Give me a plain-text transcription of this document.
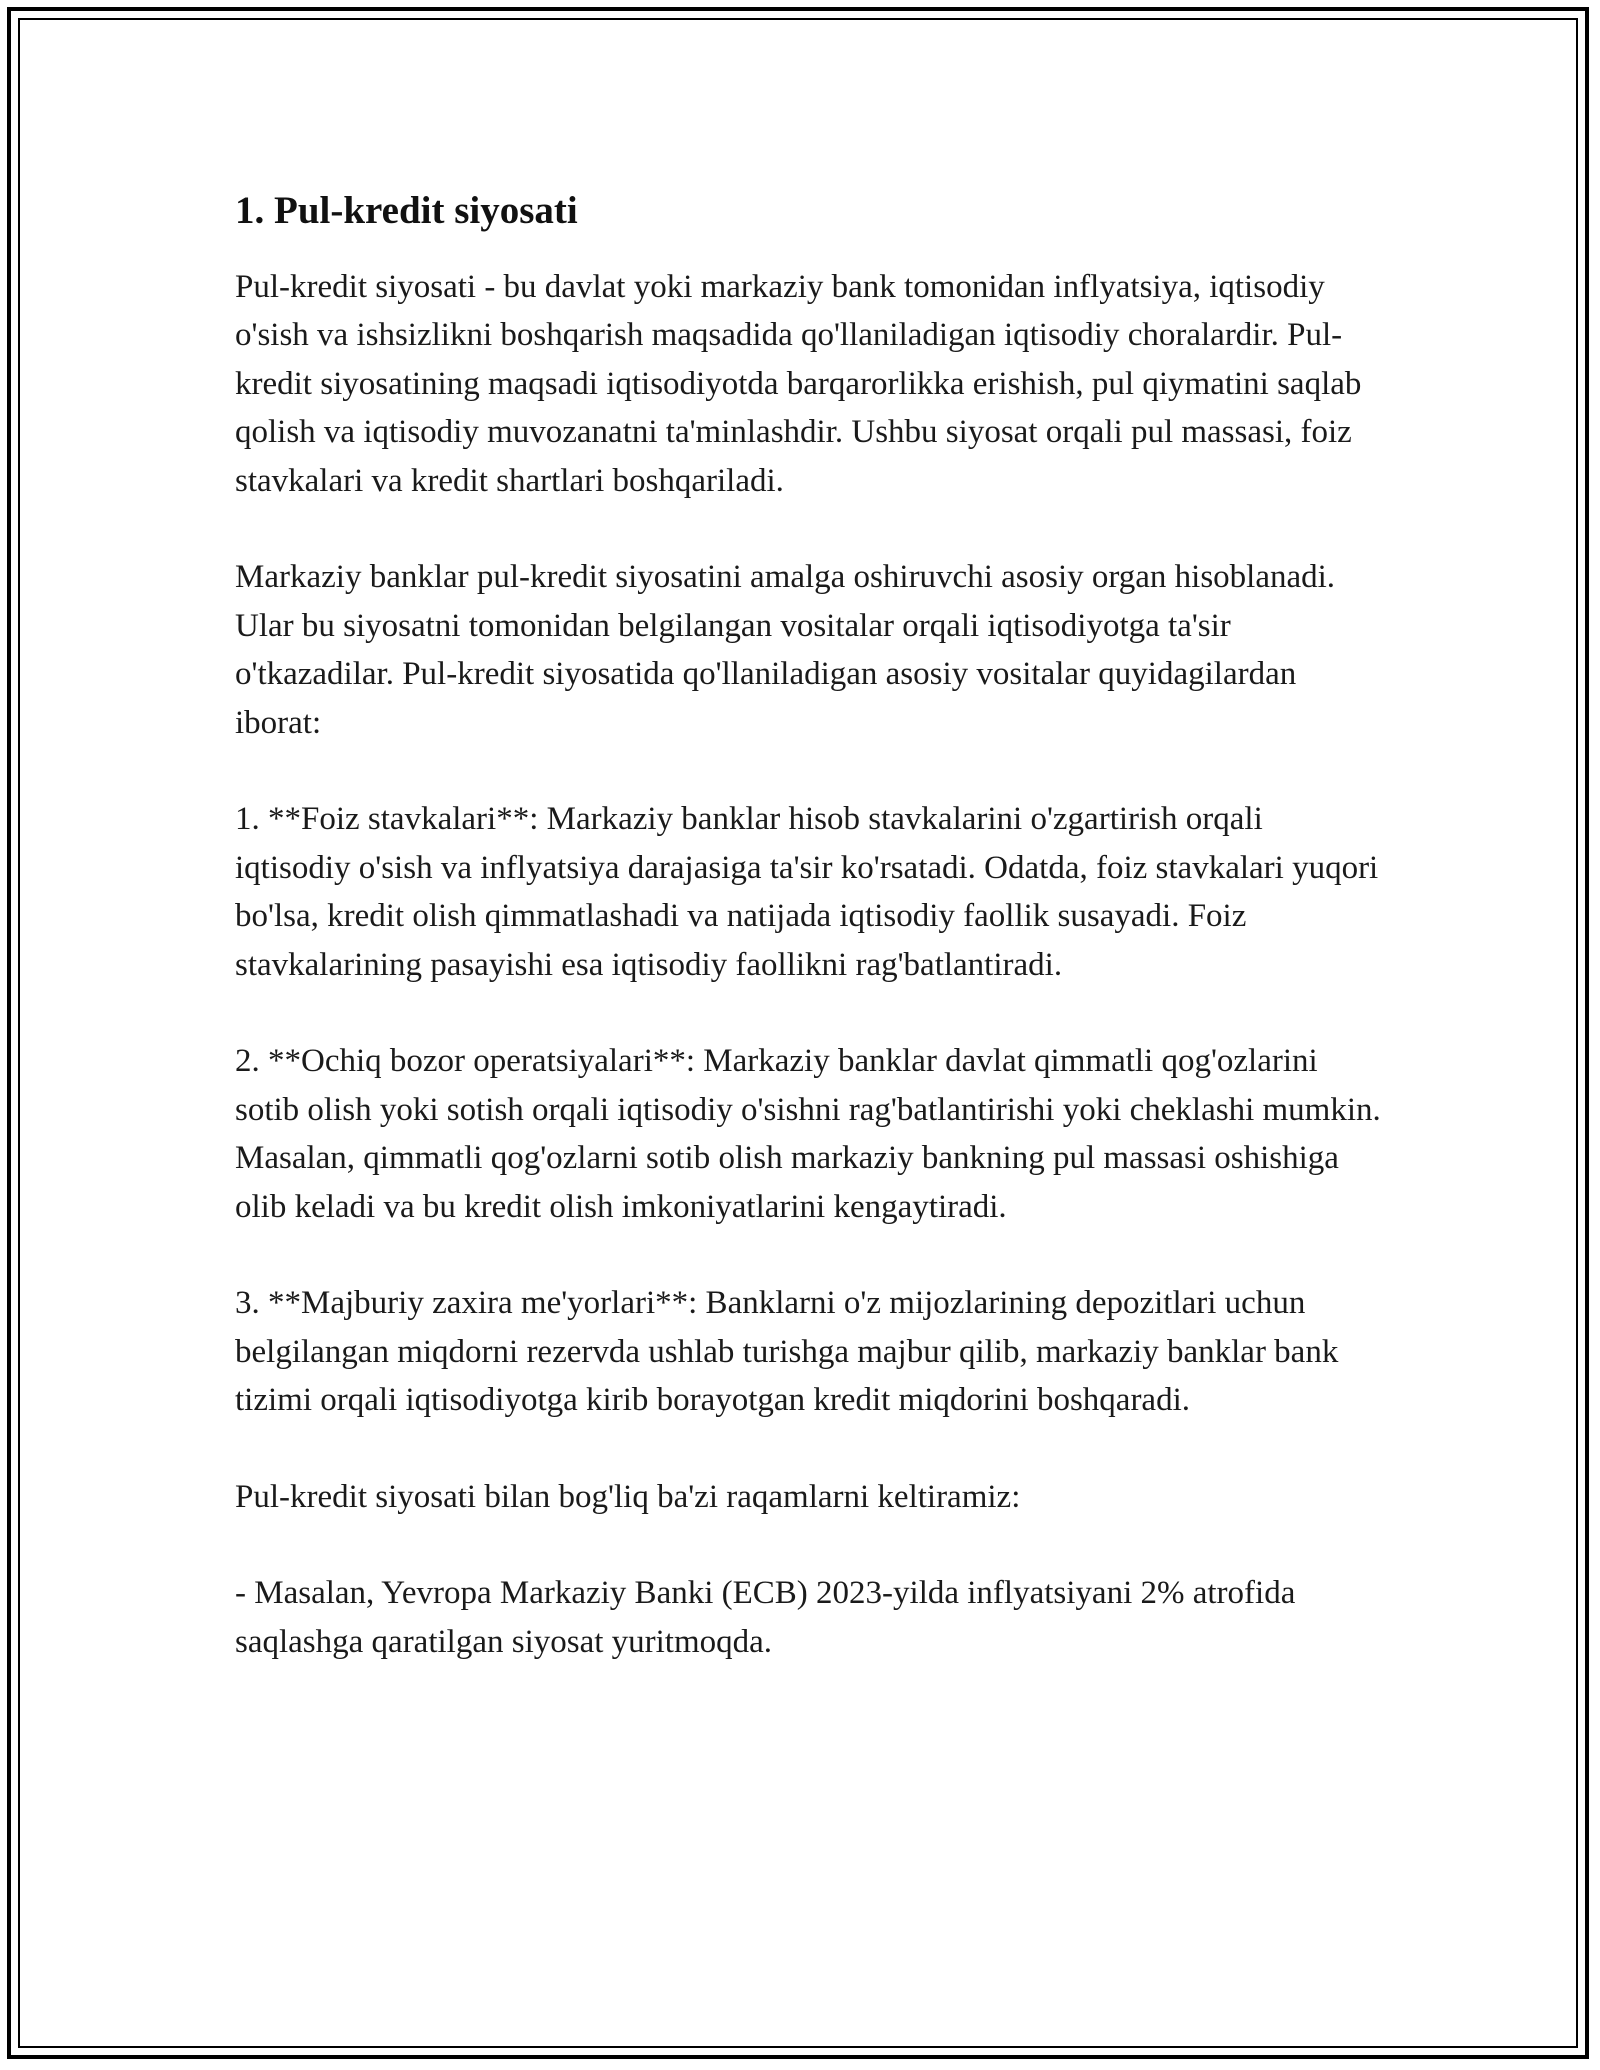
1. Pul-kredit siyosati

Pul-kredit siyosati - bu davlat yoki markaziy bank tomonidan inflyatsiya, iqtisodiy o'sish va ishsizlikni boshqarish maqsadida qo'llaniladigan iqtisodiy choralardir. Pul-kredit siyosatining maqsadi iqtisodiyotda barqarorlikka erishish, pul qiymatini saqlab qolish va iqtisodiy muvozanatni ta'minlashdir. Ushbu siyosat orqali pul massasi, foiz stavkalari va kredit shartlari boshqariladi.

Markaziy banklar pul-kredit siyosatini amalga oshiruvchi asosiy organ hisoblanadi. Ular bu siyosatni tomonidan belgilangan vositalar orqali iqtisodiyotga ta'sir o'tkazadilar. Pul-kredit siyosatida qo'llaniladigan asosiy vositalar quyidagilardan iborat:

1. **Foiz stavkalari**: Markaziy banklar hisob stavkalarini o'zgartirish orqali iqtisodiy o'sish va inflyatsiya darajasiga ta'sir ko'rsatadi. Odatda, foiz stavkalari yuqori bo'lsa, kredit olish qimmatlashadi va natijada iqtisodiy faollik susayadi. Foiz stavkalarining pasayishi esa iqtisodiy faollikni rag'batlantiradi.

2. **Ochiq bozor operatsiyalari**: Markaziy banklar davlat qimmatli qog'ozlarini sotib olish yoki sotish orqali iqtisodiy o'sishni rag'batlantirishi yoki cheklashi mumkin. Masalan, qimmatli qog'ozlarni sotib olish markaziy bankning pul massasi oshishiga olib keladi va bu kredit olish imkoniyatlarini kengaytiradi.

3. **Majburiy zaxira me'yorlari**: Banklarni o'z mijozlarining depozitlari uchun belgilangan miqdorni rezervda ushlab turishga majbur qilib, markaziy banklar bank tizimi orqali iqtisodiyotga kirib borayotgan kredit miqdorini boshqaradi.

Pul-kredit siyosati bilan bog'liq ba'zi raqamlarni keltiramiz:

- Masalan, Yevropa Markaziy Banki (ECB) 2023-yilda inflyatsiyani 2% atrofida saqlashga qaratilgan siyosat yuritmoqda.
